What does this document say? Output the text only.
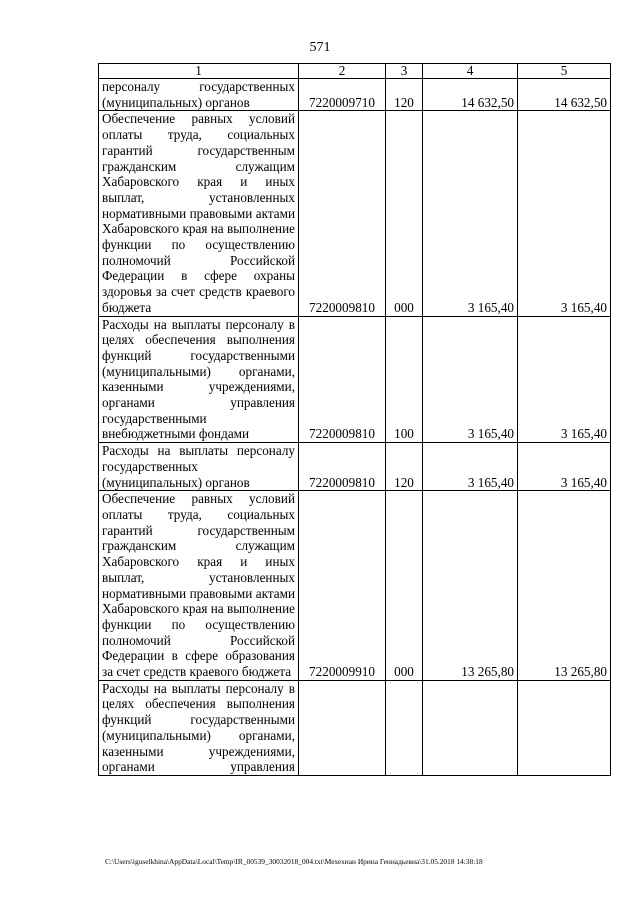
571
1	2	3	4	5
персоналу государственных (муниципальных) органов	7220009710	120	14 632,50	14 632,50
Обеспечение равных условий оплаты труда, социальных гарантий государственным гражданским служащим Хабаровского края и иных выплат, установленных нормативными правовыми актами Хабаровского края на выполнение функции по осуществлению полномочий Российской Федерации в сфере охраны здоровья за счет средств краевого бюджета	7220009810	000	3 165,40	3 165,40
Расходы на выплаты персоналу в целях обеспечения выполнения функций государственными (муниципальными) органами, казенными учреждениями, органами управления государственными внебюджетными фондами	7220009810	100	3 165,40	3 165,40
Расходы на выплаты персоналу государственных (муниципальных) органов	7220009810	120	3 165,40	3 165,40
Обеспечение равных условий оплаты труда, социальных гарантий государственным гражданским служащим Хабаровского края и иных выплат, установленных нормативными правовыми актами Хабаровского края на выполнение функции по осуществлению полномочий Российской Федерации в сфере образования за счет средств краевого бюджета	7220009910	000	13 265,80	13 265,80
Расходы на выплаты персоналу в целях обеспечения выполнения функций государственными (муниципальными) органами, казенными учреждениями, органами управления				
C:\Users\iguselkhina\AppData\Local\Temp\IR_00539_30032018_004.txt\Мехехиан Ирина Геннадьевна\31.05.2018 14:38:18
